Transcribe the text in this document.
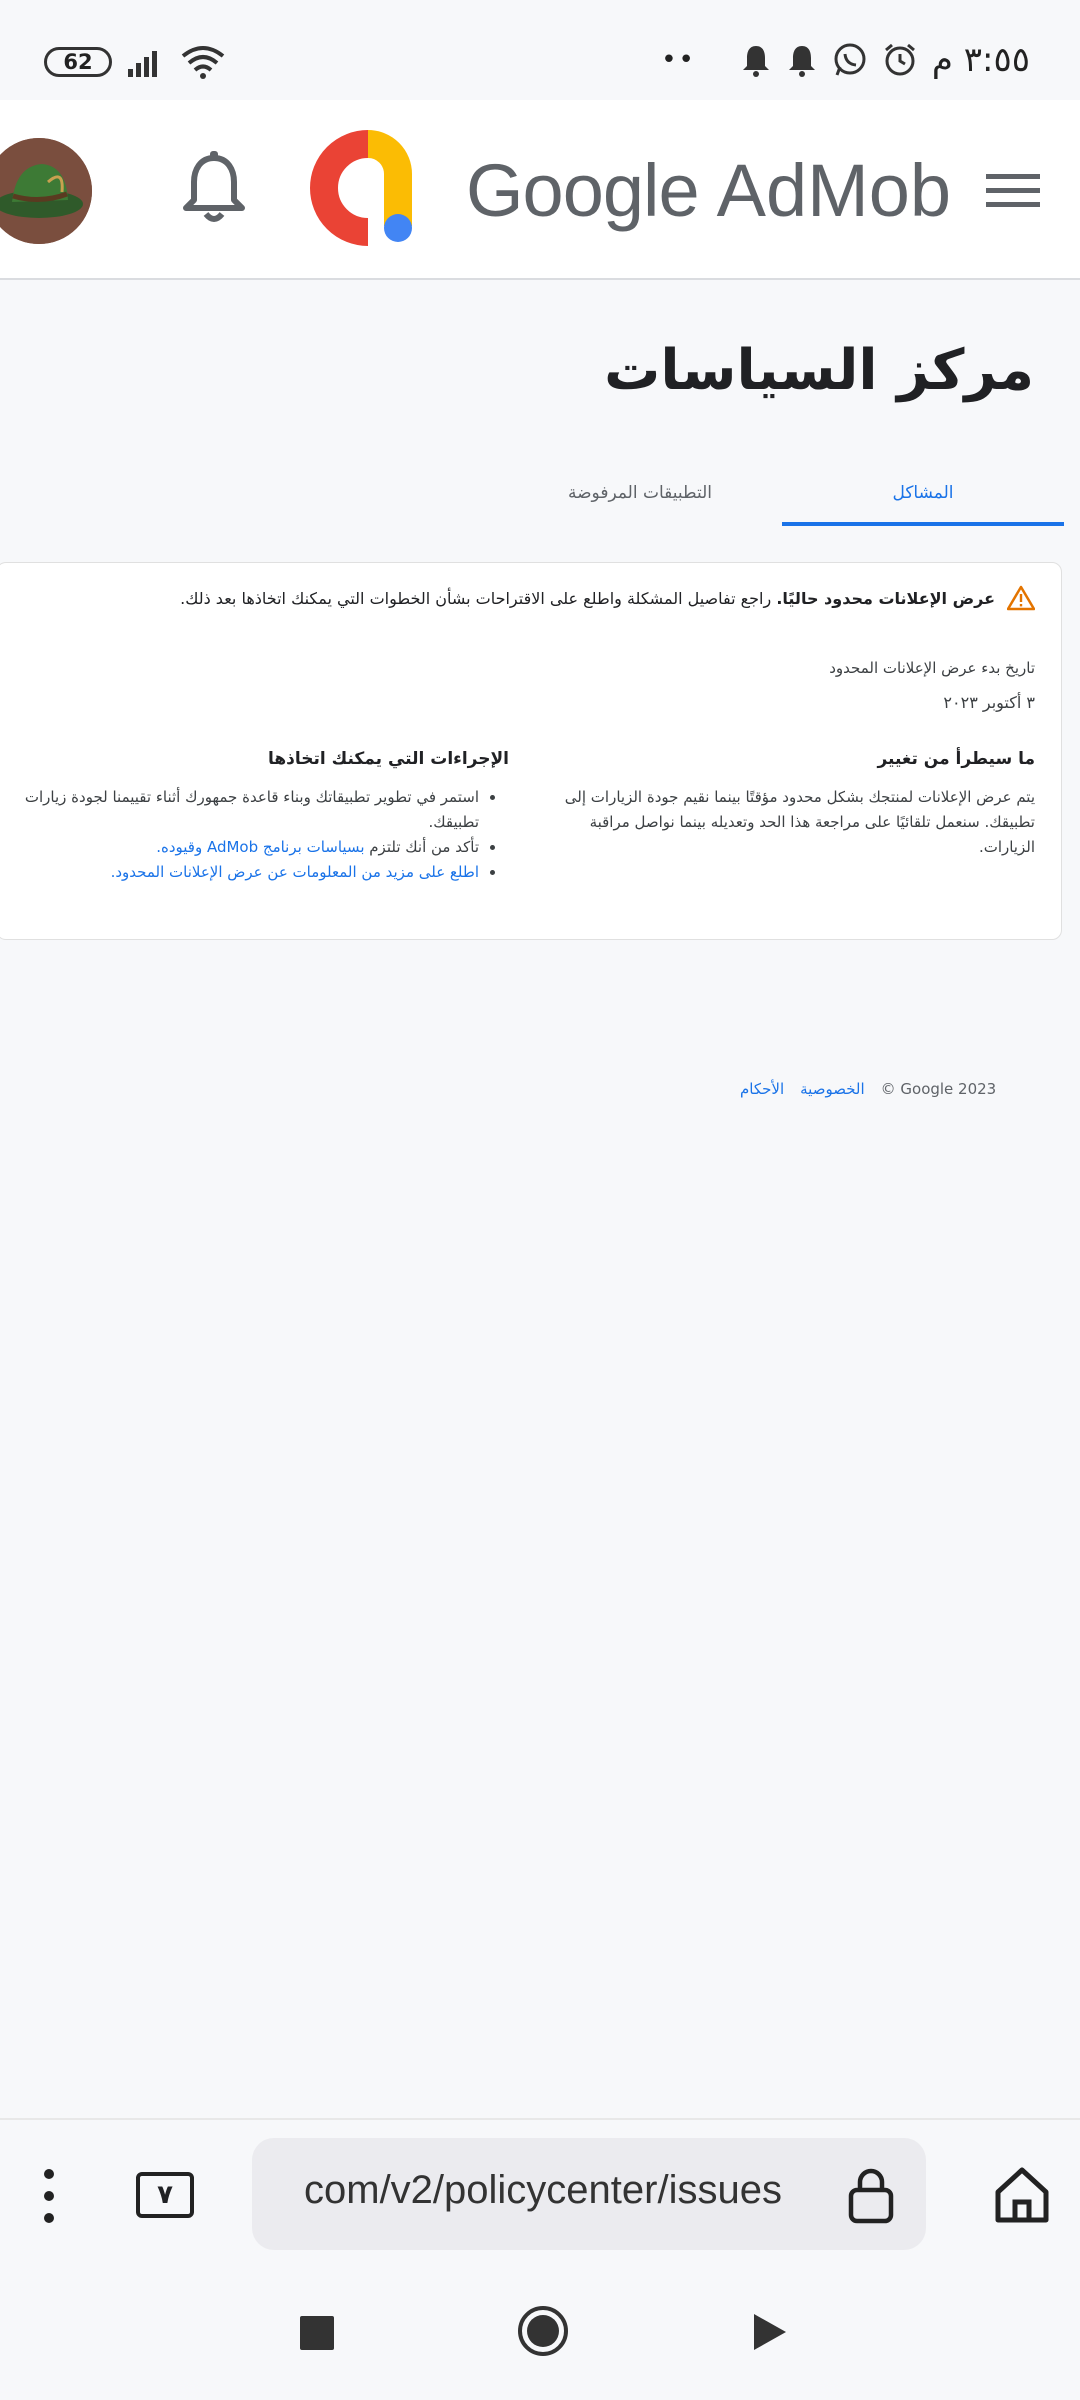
62	••	٣:٥٥ م
Google AdMob
مركز السياسات
المشاكل
التطبيقات المرفوضة
عرض الإعلانات محدود حاليًا. راجع تفاصيل المشكلة واطلع على الاقتراحات بشأن الخطوات التي يمكنك اتخاذها بعد ذلك.
تاريخ بدء عرض الإعلانات المحدود
٣ أكتوبر ٢٠٢٣
ما سيطرأ من تغيير

يتم عرض الإعلانات لمنتجك بشكل محدود مؤقتًا بينما نقيم جودة الزيارات إلى تطبيقك. سنعمل تلقائيًا على مراجعة هذا الحد وتعديله بينما نواصل مراقبة الزيارات.

الإجراءات التي يمكنك اتخاذها
• استمر في تطوير تطبيقاتك وبناء قاعدة جمهورك أثناء تقييمنا لجودة زيارات تطبيقك.
• تأكد من أنك تلتزم بسياسات برنامج AdMob وقيوده.
• اطلع على مزيد من المعلومات عن عرض الإعلانات المحدود.
الأحكام الخصوصية © Google 2023
٧	com/v2/policycenter/issues
